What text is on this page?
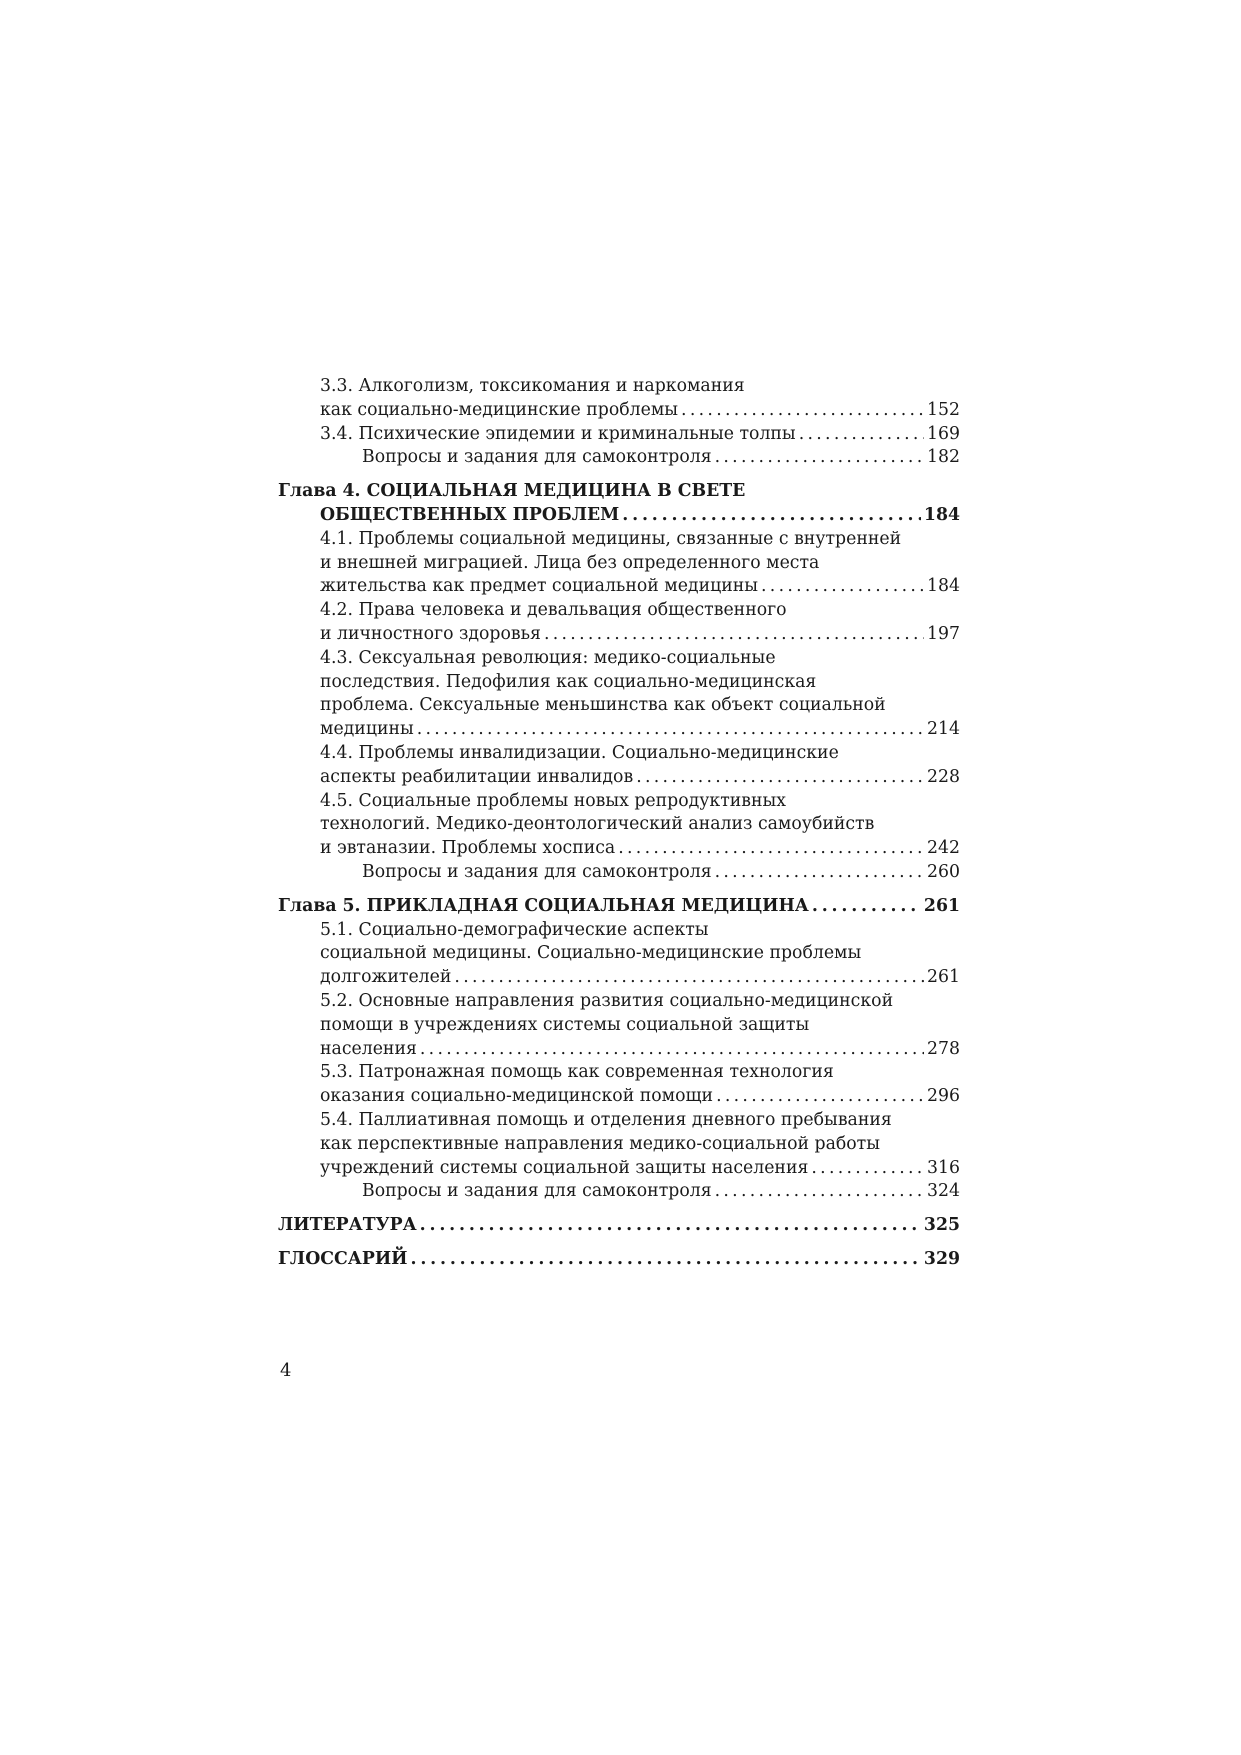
3.3. Алкоголизм, токсикомания и наркомания
как социально-медицинские проблемы . . .	152
3.4. Психические эпидемии и криминальные толпы . . .	169
Вопросы и задания для самоконтроля . . .	182
Глава 4. СОЦИАЛЬНАЯ МЕДИЦИНА В СВЕТЕ
ОБЩЕСТВЕННЫХ ПРОБЛЕМ . . .	184
4.1. Проблемы социальной медицины, связанные с внутренней
и внешней миграцией. Лица без определенного места
жительства как предмет социальной медицины . . .	184
4.2. Права человека и девальвация общественного
и личностного здоровья . . .	197
4.3. Сексуальная революция: медико-социальные
последствия. Педофилия как социально-медицинская
проблема. Сексуальные меньшинства как объект социальной
медицины . . .	214
4.4. Проблемы инвалидизации. Социально-медицинские
аспекты реабилитации инвалидов . . .	228
4.5. Социальные проблемы новых репродуктивных
технологий. Медико-деонтологический анализ самоубийств
и эвтаназии. Проблемы хосписа . . .	242
Вопросы и задания для самоконтроля . . .	260
Глава 5. ПРИКЛАДНАЯ СОЦИАЛЬНАЯ МЕДИЦИНА . . .	261
5.1. Социально-демографические аспекты
социальной медицины. Социально-медицинские проблемы
долгожителей . . .	261
5.2. Основные направления развития социально-медицинской
помощи в учреждениях системы социальной защиты
населения . . .	278
5.3. Патронажная помощь как современная технология
оказания социально-медицинской помощи . . .	296
5.4. Паллиативная помощь и отделения дневного пребывания
как перспективные направления медико-социальной работы
учреждений системы социальной защиты населения . . .	316
Вопросы и задания для самоконтроля . . .	324
ЛИТЕРАТУРА . . .	325
ГЛОССАРИЙ . . .	329
4
